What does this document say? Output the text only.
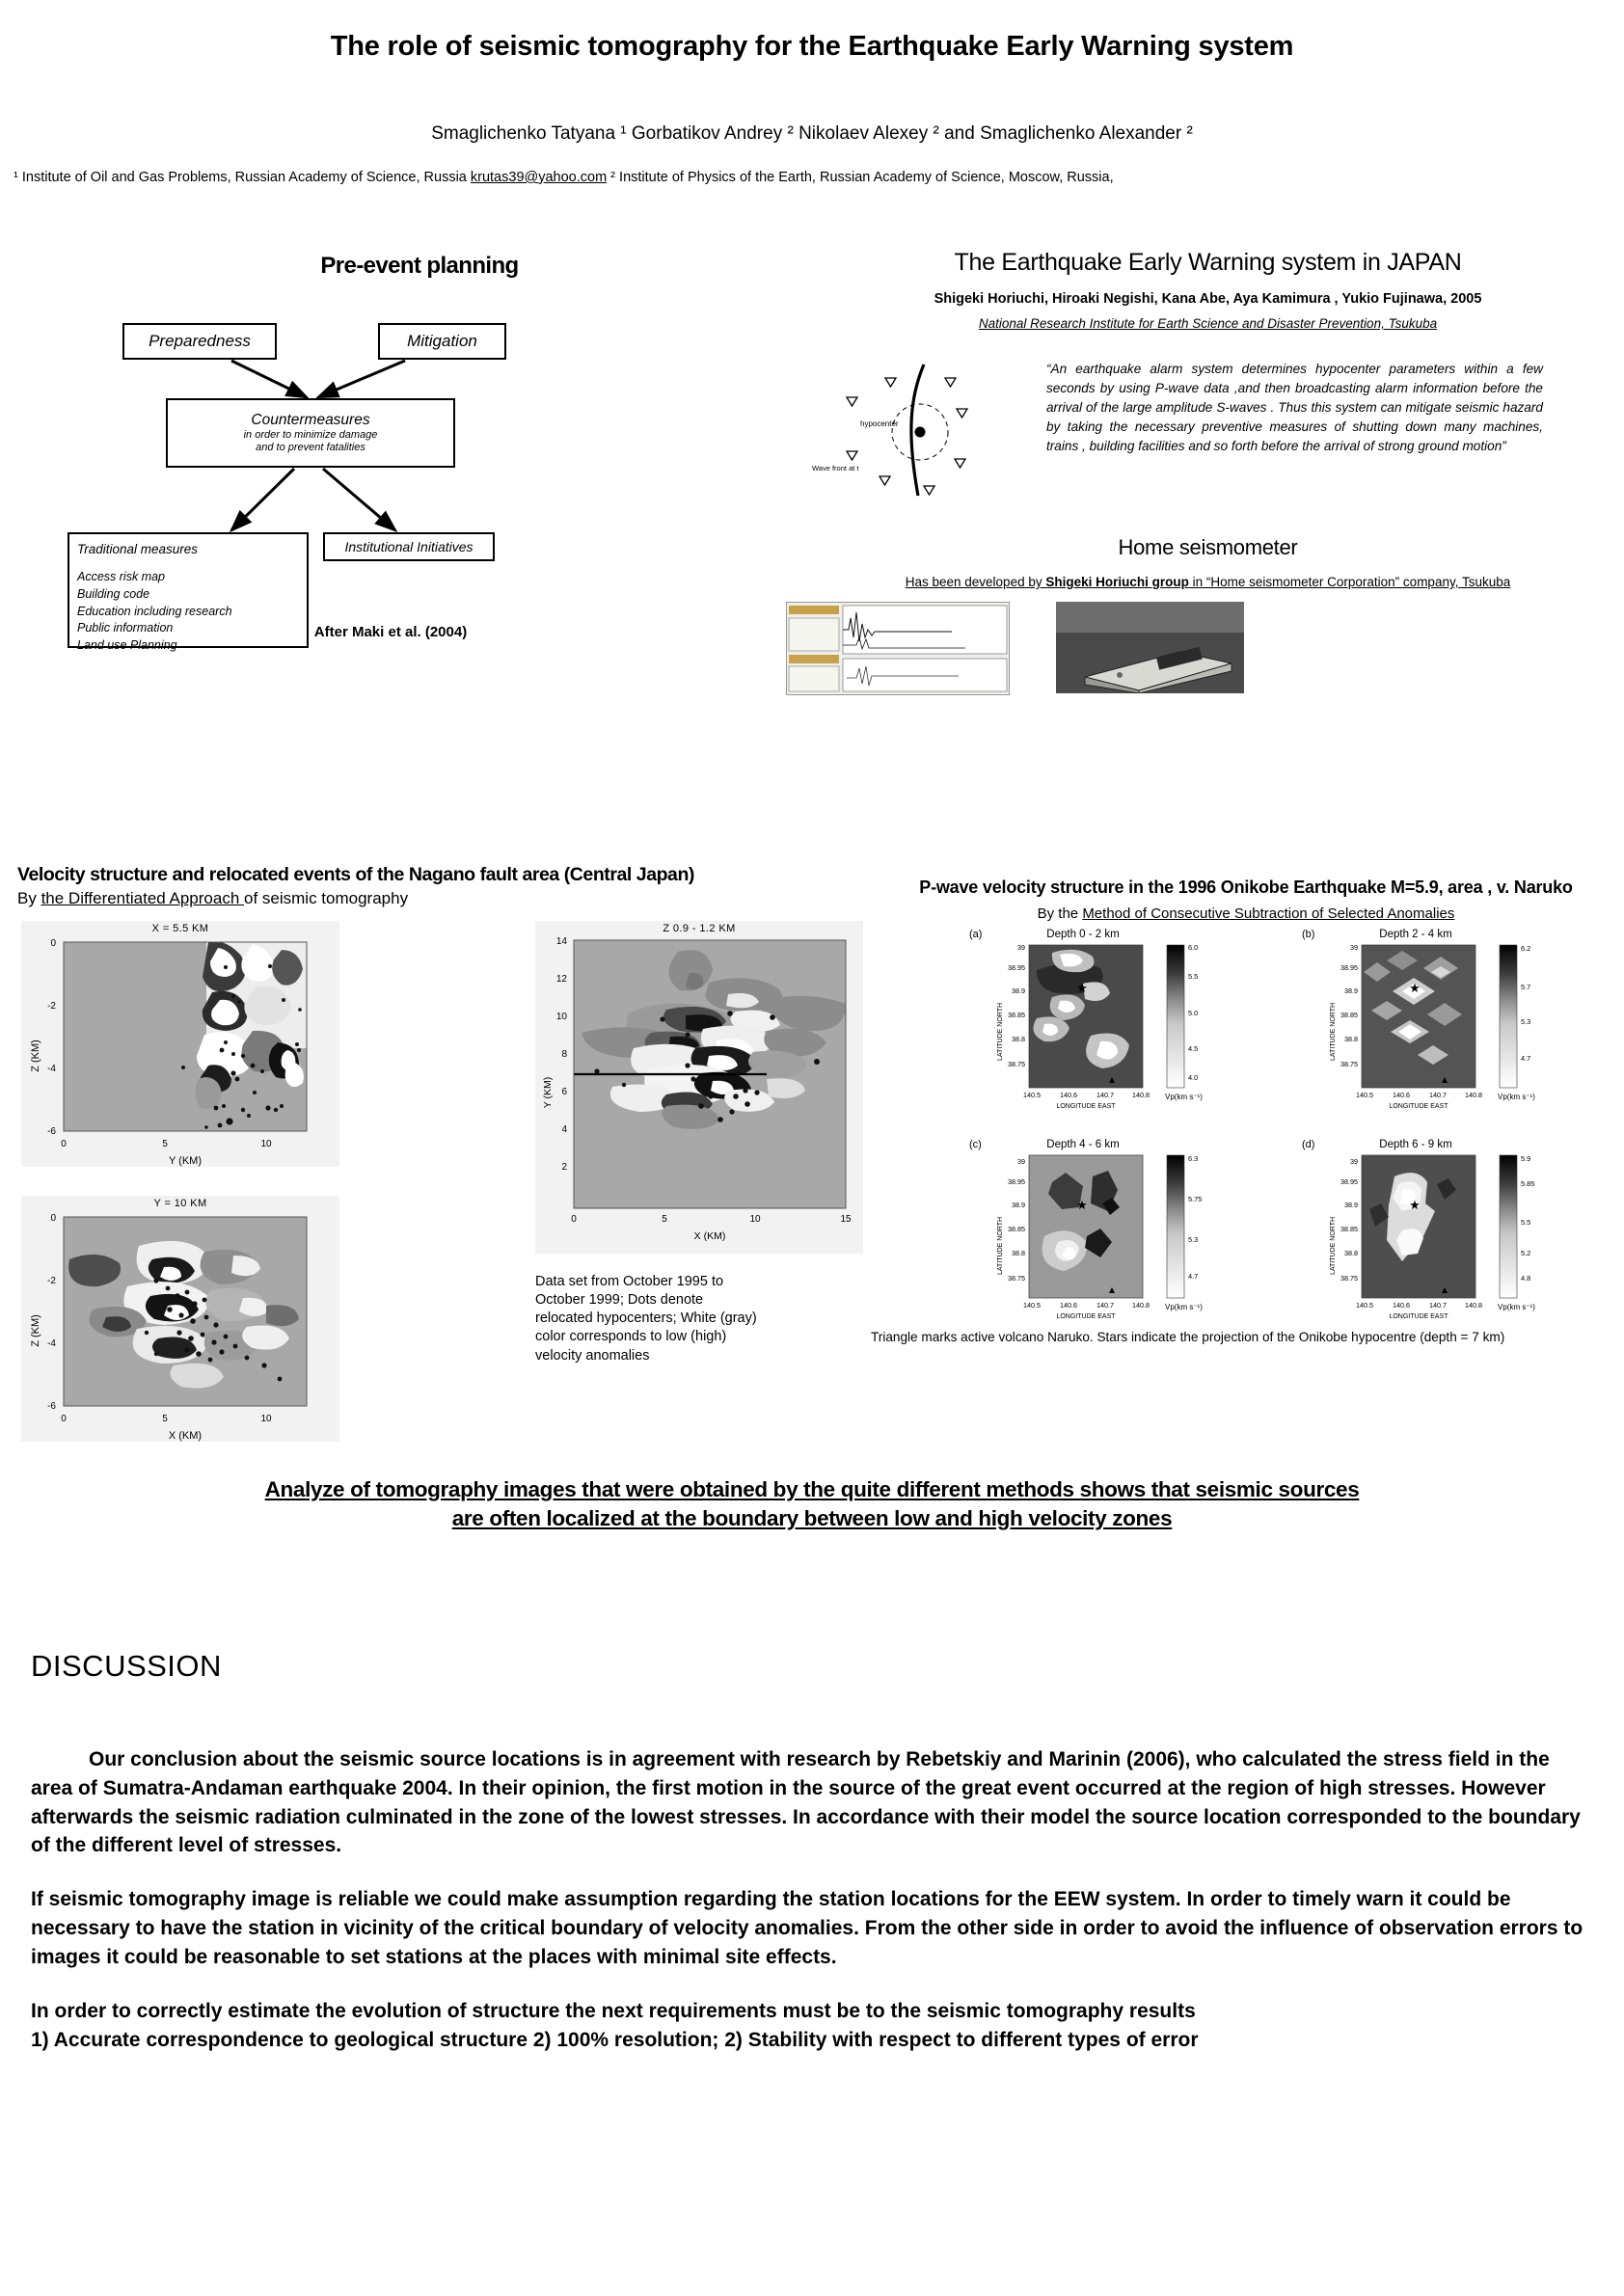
The role of seismic tomography for the Earthquake Early Warning system
Smaglichenko Tatyana ¹ Gorbatikov Andrey ² Nikolaev Alexey ² and Smaglichenko Alexander ²
¹ Institute of Oil and Gas Problems, Russian Academy of Science, Russia krutas39@yahoo.com ² Institute of Physics of the Earth, Russian Academy of Science, Moscow, Russia,
Pre-event planning
Preparedness	Mitigation
Countermeasures
in order to minimize damage
and to prevent fatalities
Traditional measures
Access risk map
Building code
Education including research
Public information
Land use Planning
Institutional Initiatives
After Maki et al. (2004)
The Earthquake Early Warning system in JAPAN
Shigeki Horiuchi, Hiroaki Negishi, Kana Abe, Aya Kamimura , Yukio Fujinawa, 2005
National Research Institute for Earth Science and Disaster Prevention, Tsukuba
hypocenter
Wave front at t
“An earthquake alarm system determines hypocenter parameters within a few seconds by using P-wave data ,and then broadcasting alarm information before the arrival of the large amplitude S-waves . Thus this system can mitigate seismic hazard by taking the necessary preventive measures of shutting down many machines, trains , building facilities and so forth before the arrival of strong ground motion”
Home seismometer
Has been developed by Shigeki Horiuchi group in “Home seismometer Corporation” company, Tsukuba
Velocity structure and relocated events of the Nagano fault area (Central Japan)
By the Differentiated Approach of seismic tomography
P-wave velocity structure in the 1996 Onikobe Earthquake M=5.9, area , v. Naruko
By the Method of Consecutive Subtraction of Selected Anomalies
X = 5.5 KM
0
-2
-4
-6
0	5	10
Y (KM)
Z (KM)
Z 0.9 - 1.2 KM
14
12
10
8
6
4
2
0	5	10	15
X (KM)
Y (KM)
Y = 10 KM
0
-2
-4
-6
0	5	10
X (KM)
Z (KM)
Data set from October 1995 to October 1999; Dots denote relocated hypocenters; White (gray) color corresponds to low (high) velocity anomalies
(a)	Depth 0 - 2 km
★
39
38.95
38.9
38.85
38.8
38.75
140.5	140.6	140.7	140.8
LONGITUDE EAST
LATITUDE NORTH
6.0
5.5
5.0
4.5
4.0
Vp(km s⁻¹)
(b)	Depth 2 - 4 km
★
39
38.95
38.9
38.85
38.8
38.75
140.5	140.6	140.7	140.8
LONGITUDE EAST
LATITUDE NORTH
6.2
5.7
5.3
4.7
Vp(km s⁻¹)
(c)	Depth 4 - 6 km
★
39
38.95
38.9
38.85
38.8
38.75
140.5	140.6	140.7	140.8
LONGITUDE EAST
LATITUDE NORTH
6.3
5.75
5.3
4.7
Vp(km s⁻¹)
(d)	Depth 6 - 9 km
★
39
38.95
38.9
38.85
38.8
38.75
140.5	140.6	140.7	140.8
LONGITUDE EAST
LATITUDE NORTH
5.9
5.85
5.5
5.2
4.8
Vp(km s⁻¹)
Triangle marks active volcano Naruko. Stars indicate the projection of the Onikobe hypocentre (depth = 7 km)
Analyze of tomography images that were obtained by the quite different methods shows that seismic sources
are often localized at the boundary between low and high velocity zones
DISCUSSION

Our conclusion about the seismic source locations is in agreement with research by Rebetskiy and Marinin (2006), who calculated the stress field in the area of Sumatra-Andaman earthquake 2004. In their opinion, the first motion in the source of the great event occurred at the region of high stresses. However afterwards the seismic radiation culminated in the zone of the lowest stresses. In accordance with their model the source location corresponded to the boundary of the different level of stresses.

If seismic tomography image is reliable we could make assumption regarding the station locations for the EEW system. In order to timely warn it could be necessary to have the station in vicinity of the critical boundary of velocity anomalies. From the other side in order to avoid the influence of observation errors to images it could be reasonable to set stations at the places with minimal site effects.

In order to correctly estimate the evolution of structure the next requirements must be to the seismic tomography results

1) Accurate correspondence to geological structure 2) 100% resolution; 2) Stability with respect to different types of error
